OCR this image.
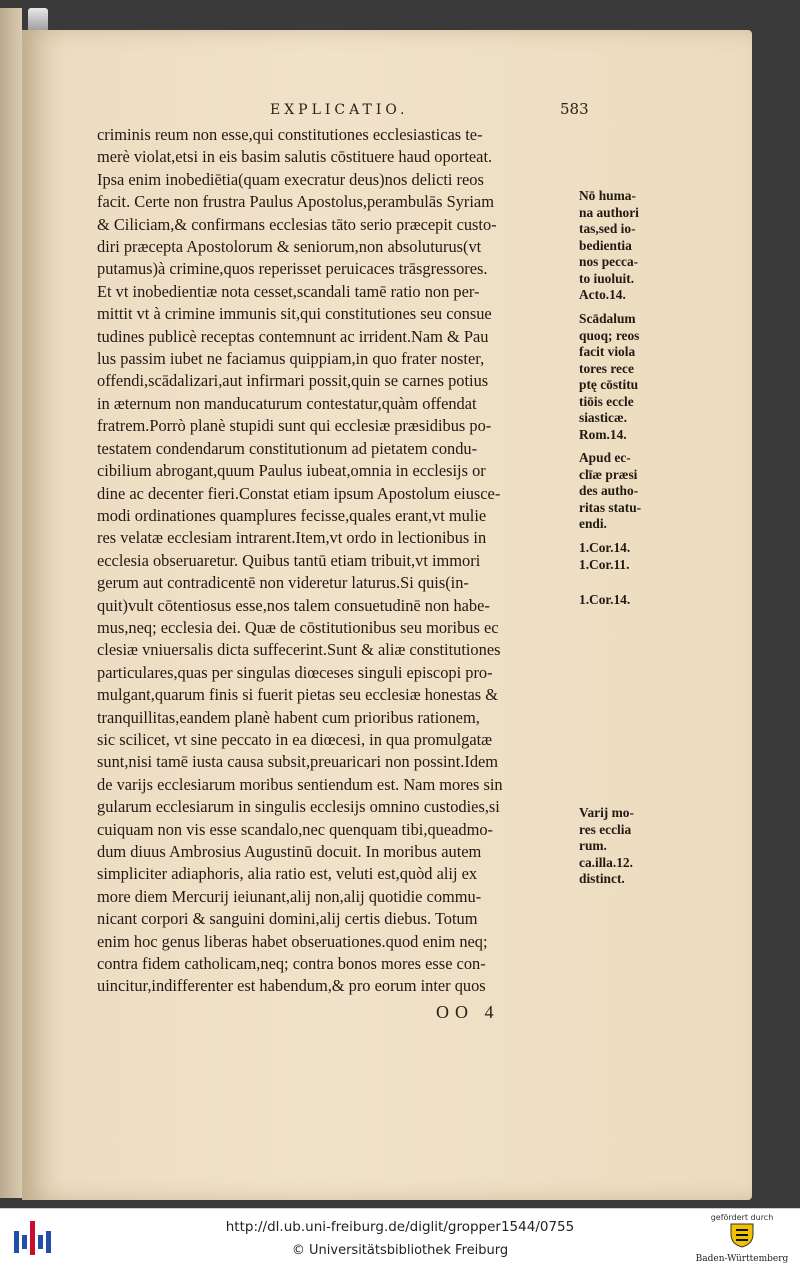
EXPLICATIO.	583
criminis reum non esse,qui constitutiones ecclesiasticas te-
merè violat,etsi in eis basim salutis cōstituere haud oporteat.
Ipsa enim inobediētia(quam execratur deus)nos delicti reos
facit. Certe non frustra Paulus Apostolus,perambulās Syriam
& Ciliciam,& confirmans ecclesias tāto serio præcepit custo-
diri præcepta Apostolorum & seniorum,non absoluturus(vt
putamus)à crimine,quos reperisset peruicaces trāsgressores.
Et vt inobedientiæ nota cesset,scandali tamē ratio non per-
mittit vt à crimine immunis sit,qui constitutiones seu consue
tudines publicè receptas contemnunt ac irrident.Nam & Pau
lus passim iubet ne faciamus quippiam,in quo frater noster,
offendi,scādalizari,aut infirmari possit,quin se carnes potius
in æternum non manducaturum contestatur,quàm offendat
fratrem.Porrò planè stupidi sunt qui ecclesiæ præsidibus po-
testatem condendarum constitutionum ad pietatem condu-
cibilium abrogant,quum Paulus iubeat,omnia in ecclesijs or
dine ac decenter fieri.Constat etiam ipsum Apostolum eiusce-
modi ordinationes quamplures fecisse,quales erant,vt mulie
res velatæ ecclesiam intrarent.Item,vt ordo in lectionibus in
ecclesia obseruaretur. Quibus tantū etiam tribuit,vt immori
gerum aut contradicentē non videretur laturus.Si quis(in-
quit)vult cōtentiosus esse,nos talem consuetudinē non habe-
mus,neq; ecclesia dei. Quæ de cōstitutionibus seu moribus ec
clesiæ vniuersalis dicta suffecerint.Sunt & aliæ constitutiones
particulares,quas per singulas diœceses singuli episcopi pro-
mulgant,quarum finis si fuerit pietas seu ecclesiæ honestas &
tranquillitas,eandem planè habent cum prioribus rationem,
sic scilicet, vt sine peccato in ea diœcesi, in qua promulgatæ
sunt,nisi tamē iusta causa subsit,preuaricari non possint.Idem
de varijs ecclesiarum moribus sentiendum est. Nam mores sin
gularum ecclesiarum in singulis ecclesijs omnino custodies,si
cuiquam non vis esse scandalo,nec quenquam tibi,queadmo-
dum diuus Ambrosius Augustinū docuit. In moribus autem
simpliciter adiaphoris, alia ratio est, veluti est,quòd alij ex
more diem Mercurij ieiunant,alij non,alij quotidie commu-
nicant corpori & sanguini domini,alij certis diebus. Totum
enim hoc genus liberas habet obseruationes.quod enim neq;
contra fidem catholicam,neq; contra bonos mores esse con-
uincitur,indifferenter est habendum,& pro eorum inter quos
Nō huma-
na authori
tas,sed io-
bedientia
nos pecca-
to iuoluit.
Acto.14.
Scādalum
quoq; reos
facit viola
tores rece
ptę cōstitu
tiōis eccle
siasticæ.
Rom.14.
Apud ec-
clīæ præsi
des autho-
ritas statu-
endi.
1.Cor.14.
1.Cor.11.
1.Cor.14.
Varij mo-
res ecclia
rum.
ca.illa.12.
distinct.
OO 4
http://dl.ub.uni-freiburg.de/diglit/gropper1544/0755
© Universitätsbibliothek Freiburg
gefördert durch
Baden-Württemberg
